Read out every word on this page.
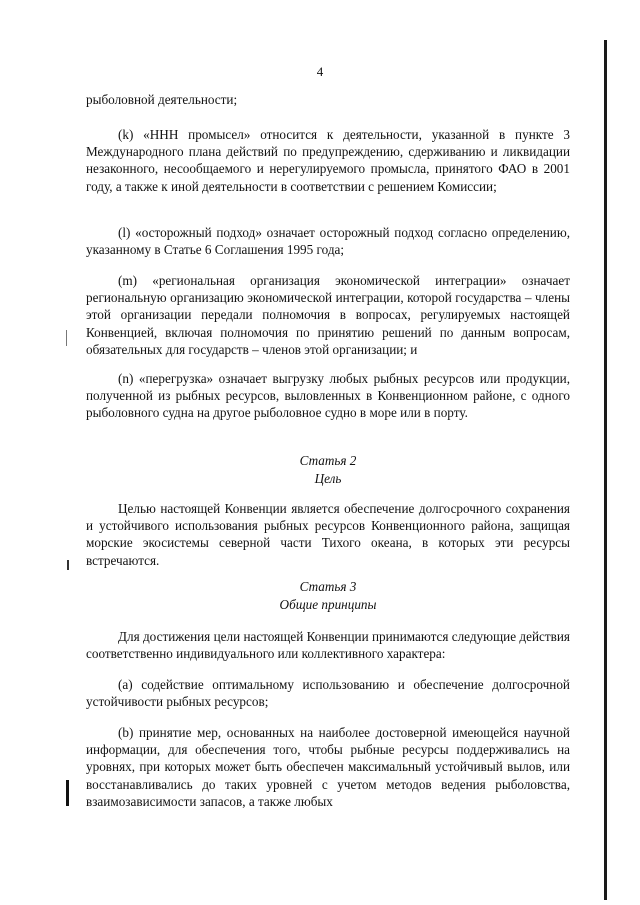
4

рыболовной деятельности;

(k) «ННН промысел» относится к деятельности, указанной в пункте 3 Международного плана действий по предупреждению, сдерживанию и ликвидации незаконного, несообщаемого и нерегулируемого промысла, принятого ФАО в 2001 году, а также к иной деятельности в соответствии с решением Комиссии;

(l) «осторожный подход» означает осторожный подход согласно определению, указанному в Статье 6 Соглашения 1995 года;

(m) «региональная организация экономической интеграции» означает региональную организацию экономической интеграции, которой государства – члены этой организации передали полномочия в вопросах, регулируемых настоящей Конвенцией, включая полномочия по принятию решений по данным вопросам, обязательных для государств – членов этой организации; и

(n) «перегрузка» означает выгрузку любых рыбных ресурсов или продукции, полученной из рыбных ресурсов, выловленных в Конвенционном районе, с одного рыболовного судна на другое рыболовное судно в море или в порту.

Статья 2
Цель

Целью настоящей Конвенции является обеспечение долгосрочного сохранения и устойчивого использования рыбных ресурсов Конвенционного района, защищая морские экосистемы северной части Тихого океана, в которых эти ресурсы встречаются.

Статья 3
Общие принципы

Для достижения цели настоящей Конвенции принимаются следующие действия соответственно индивидуального или коллективного характера:

(a) содействие оптимальному использованию и обеспечение долгосрочной устойчивости рыбных ресурсов;

(b) принятие мер, основанных на наиболее достоверной имеющейся научной информации, для обеспечения того, чтобы рыбные ресурсы поддерживались на уровнях, при которых может быть обеспечен максимальный устойчивый вылов, или восстанавливались до таких уровней с учетом методов ведения рыболовства, взаимозависимости запасов, а также любых
